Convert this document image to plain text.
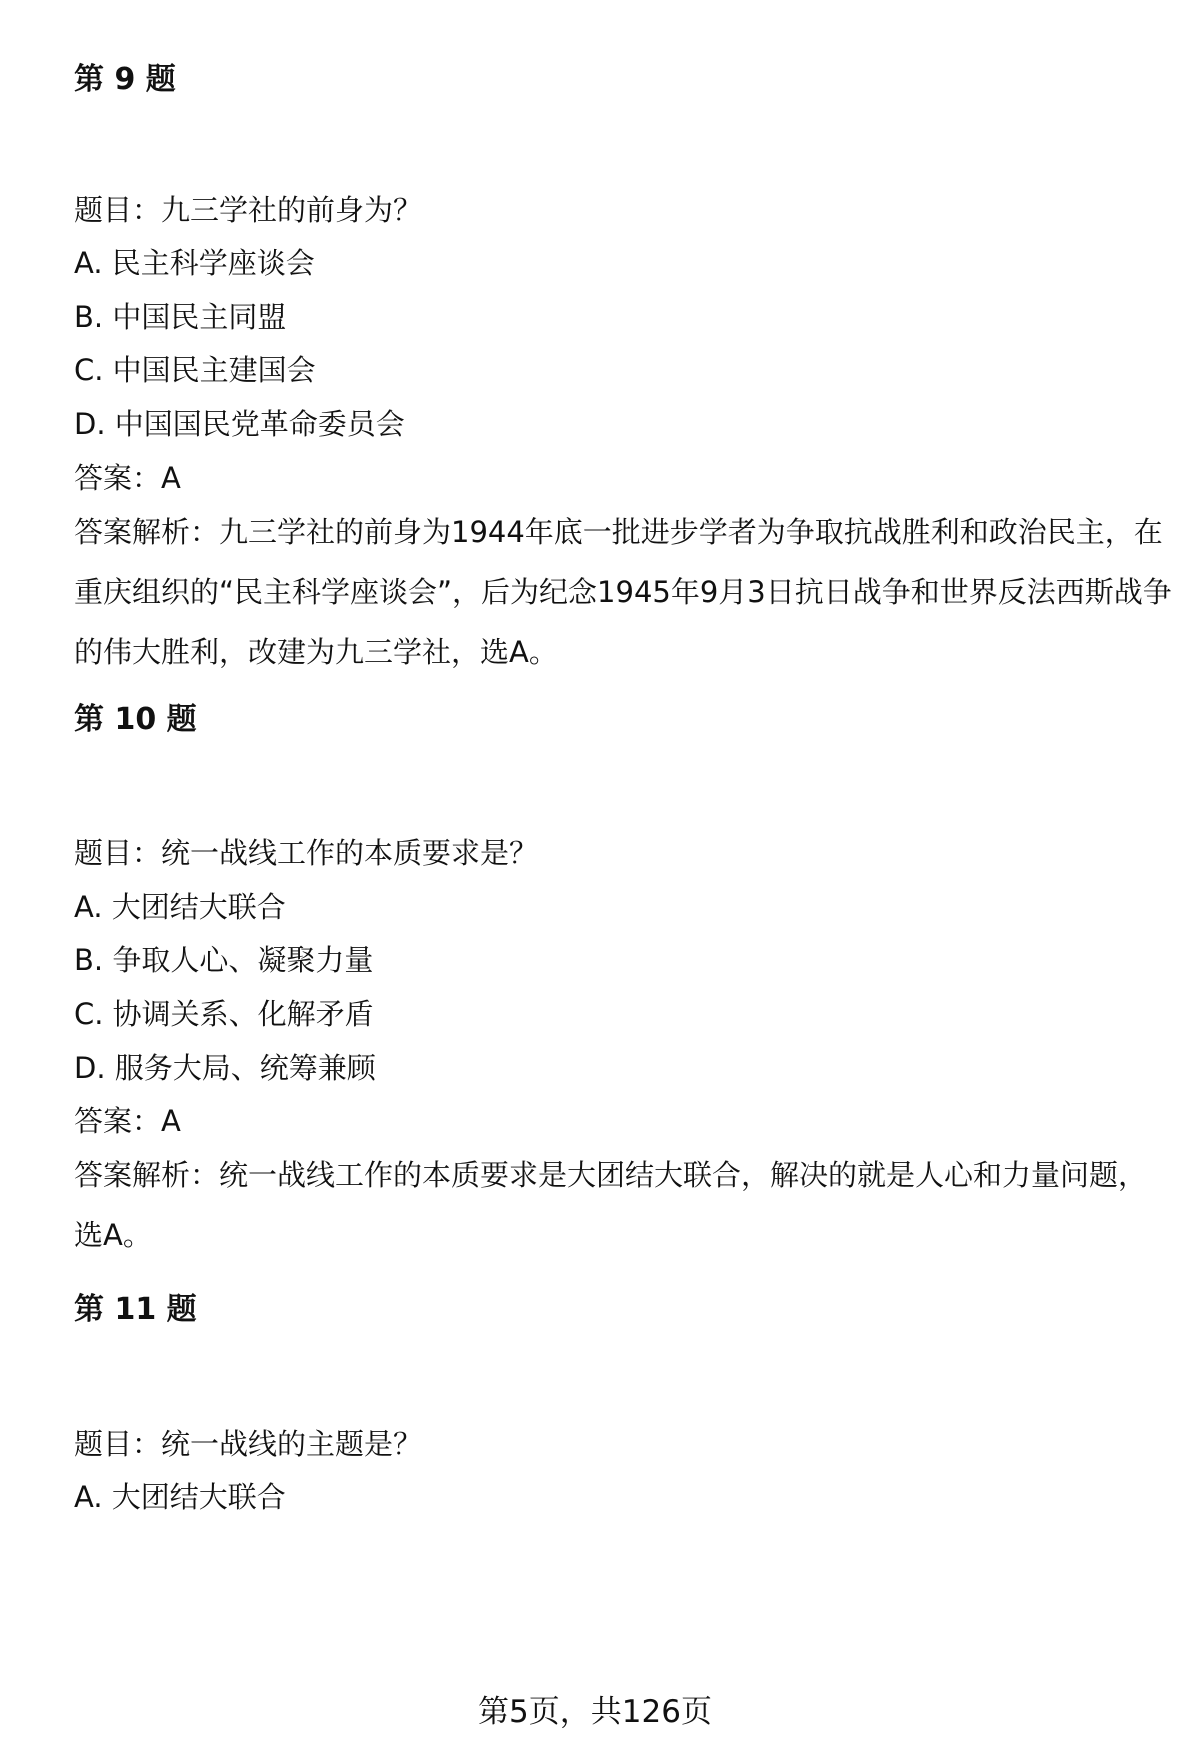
第 9 题
题目：九三学社的前身为？
A. 民主科学座谈会
B. 中国民主同盟
C. 中国民主建国会
D. 中国国民党革命委员会
答案：A
答案解析：九三学社的前身为1944年底一批进步学者为争取抗战胜利和政治民主，在重庆组织的“民主科学座谈会”，后为纪念1945年9月3日抗日战争和世界反法西斯战争的伟大胜利，改建为九三学社，选A。
第 10 题
题目：统一战线工作的本质要求是？
A. 大团结大联合
B. 争取人心、凝聚力量
C. 协调关系、化解矛盾
D. 服务大局、统筹兼顾
答案：A
答案解析：统一战线工作的本质要求是大团结大联合，解决的就是人心和力量问题，选A。
第 11 题
题目：统一战线的主题是？
A. 大团结大联合
第5页，共126页
